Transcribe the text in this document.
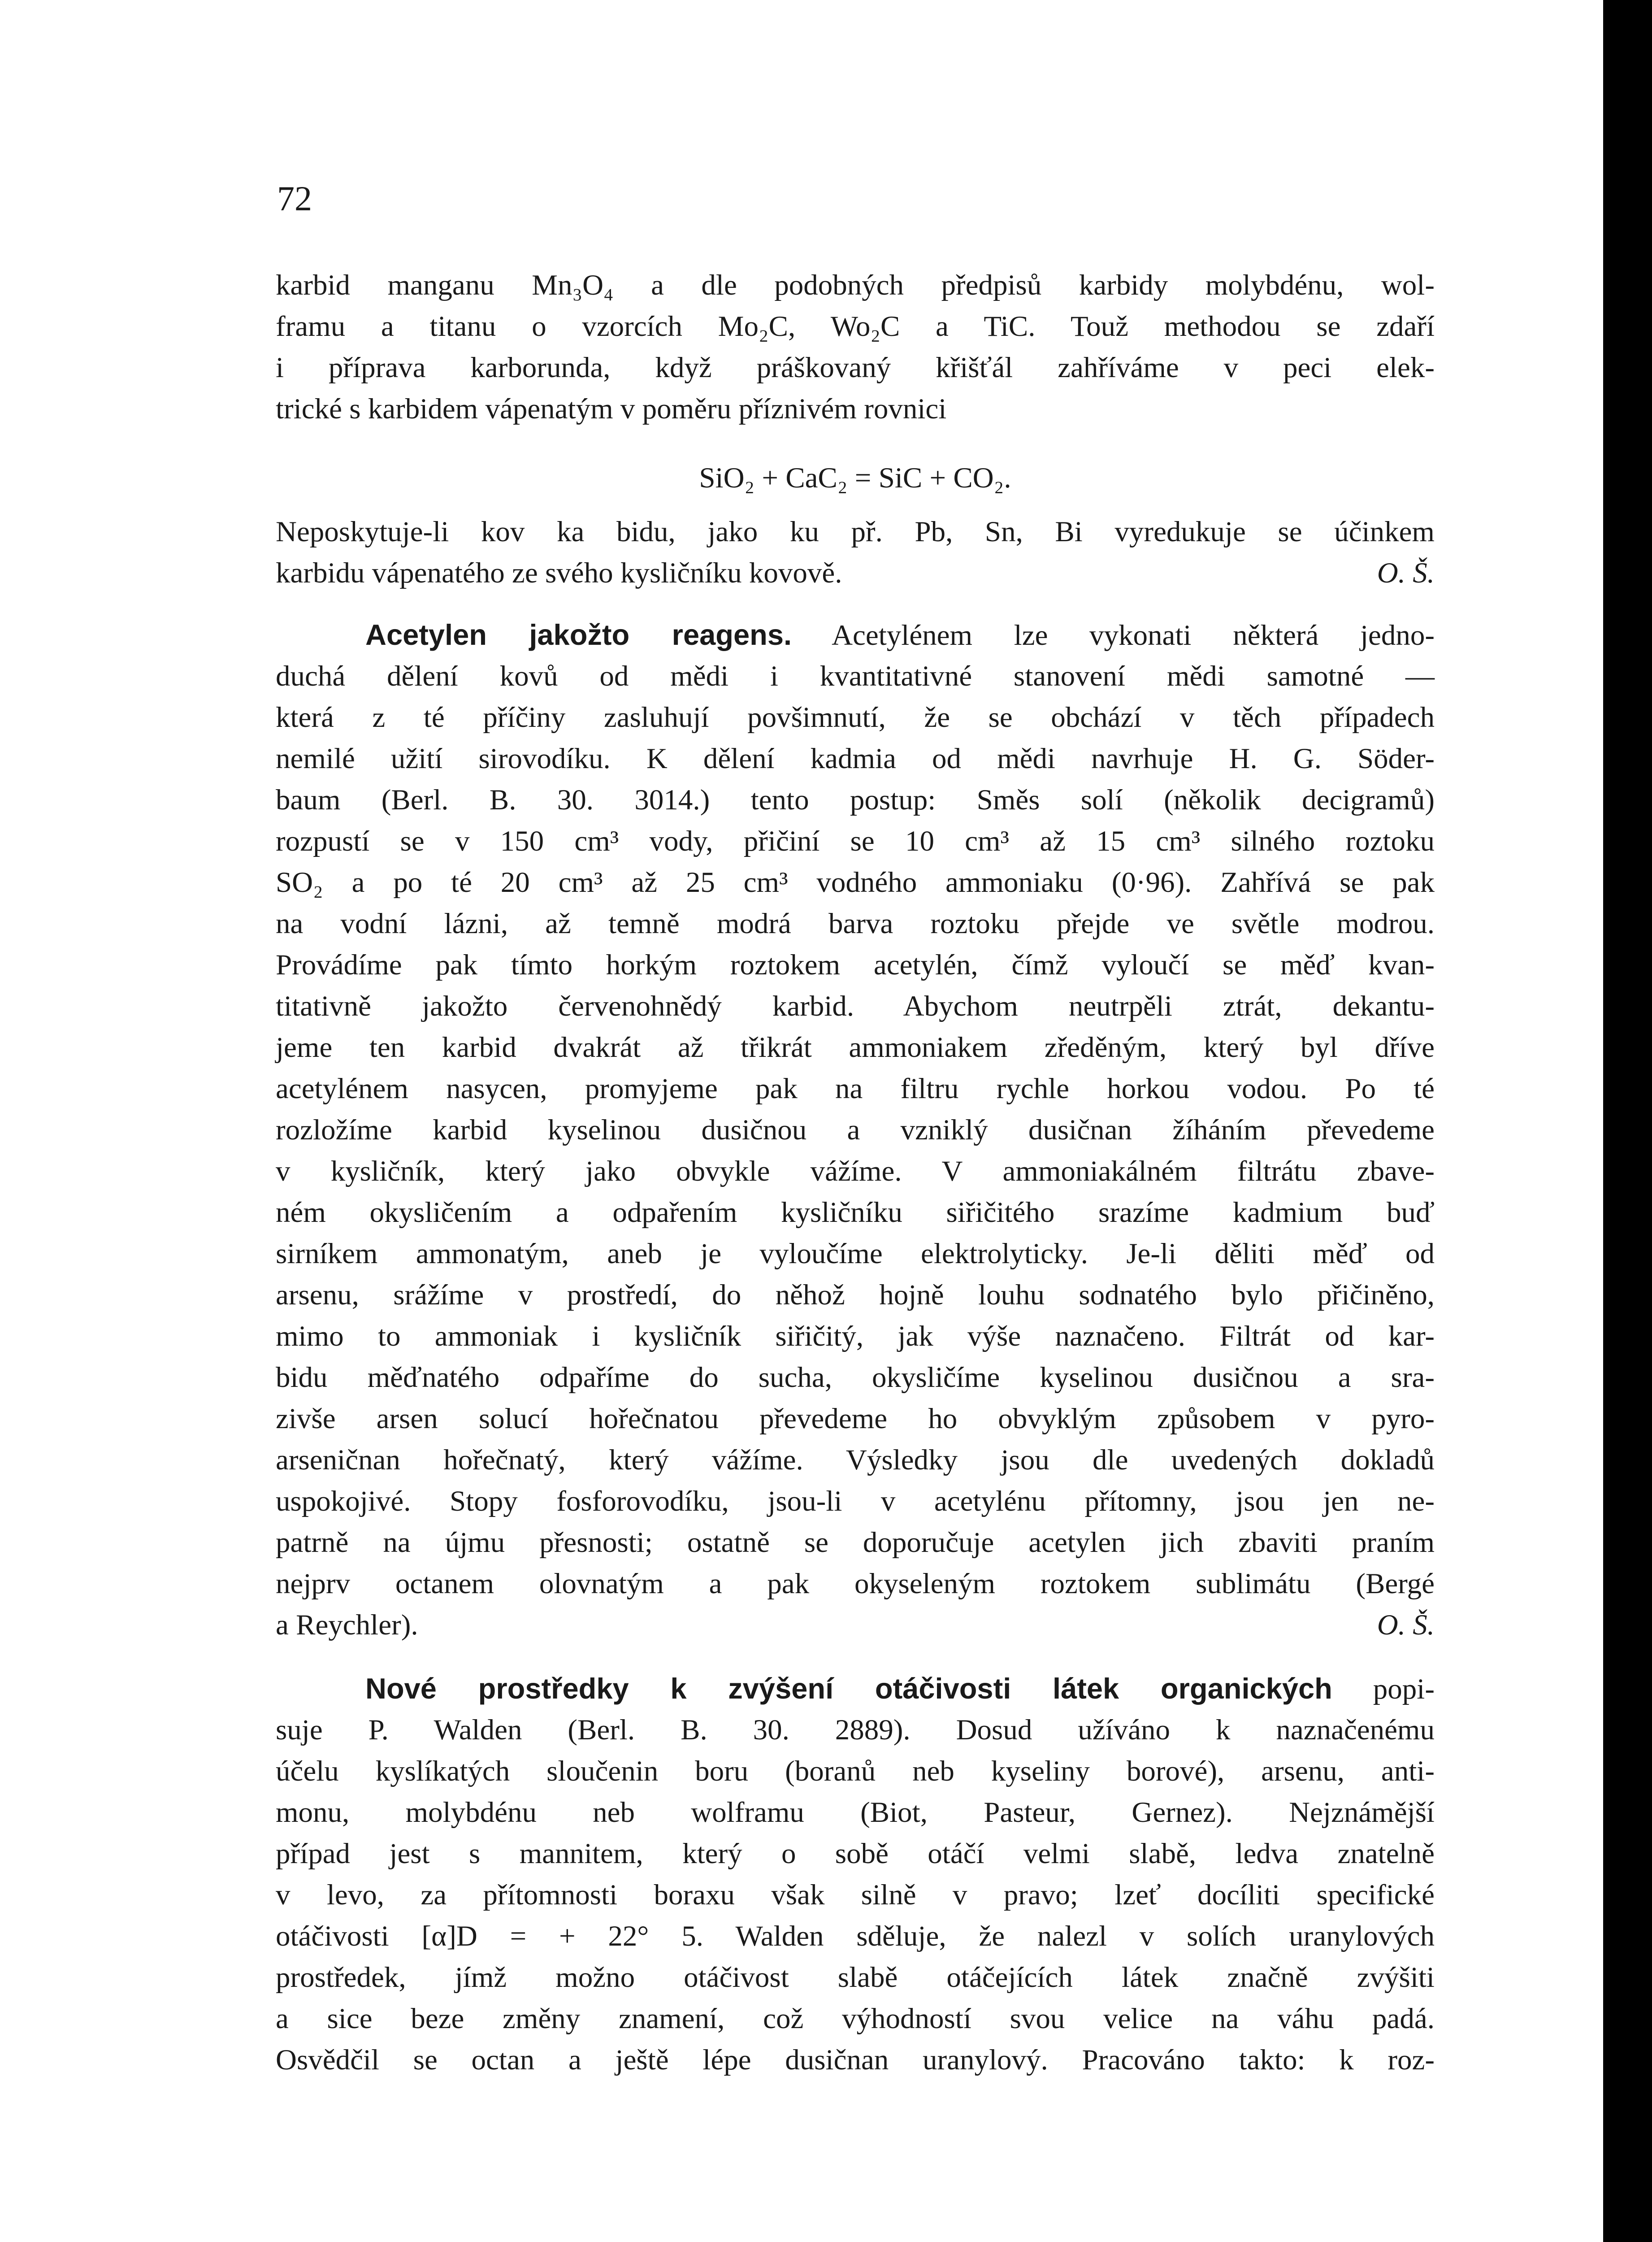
72
karbid manganu Mn₃O₄ a dle podobných předpisů karbidy molybdénu, wol-
framu a titanu o vzorcích Mo₂C, Wo₂C a TiC. Touž methodou se zdaří
i příprava karborunda, když práškovaný křišťál zahříváme v peci elek-
trické s karbidem vápenatým v poměru příznivém rovnici
SiO₂ + CaC₂ = SiC + CO₂.
Neposkytuje-li kov ka bidu, jako ku př. Pb, Sn, Bi vyredukuje se účinkem
karbidu vápenatého ze svého kysličníku kovově.	O. Š.
Acetylen jakožto reagens. Acetylénem lze vykonati některá jedno-
duchá dělení kovů od mědi i kvantitativné stanovení mědi samotné —
která z té příčiny zasluhují povšimnutí, že se obchází v těch případech
nemilé užití sirovodíku. K dělení kadmia od mědi navrhuje H. G. Söder-
baum (Berl. B. 30. 3014.) tento postup: Směs solí (několik decigramů)
rozpustí se v 150 cm³ vody, přičiní se 10 cm³ až 15 cm³ silného roztoku
SO₂ a po té 20 cm³ až 25 cm³ vodného ammoniaku (0·96). Zahřívá se pak
na vodní lázni, až temně modrá barva roztoku přejde ve světle modrou.
Provádíme pak tímto horkým roztokem acetylén, čímž vyloučí se měď kvan-
titativně jakožto červenohnědý karbid. Abychom neutrpěli ztrát, dekantu-
jeme ten karbid dvakrát až třikrát ammoniakem zředěným, který byl dříve
acetylénem nasycen, promyjeme pak na filtru rychle horkou vodou. Po té
rozložíme karbid kyselinou dusičnou a vzniklý dusičnan žíháním převedeme
v kysličník, který jako obvykle vážíme. V ammoniakálném filtrátu zbave-
ném okysličením a odpařením kysličníku siřičitého srazíme kadmium buď
sirníkem ammonatým, aneb je vyloučíme elektrolyticky. Je-li děliti měď od
arsenu, srážíme v prostředí, do něhož hojně louhu sodnatého bylo přičiněno,
mimo to ammoniak i kysličník siřičitý, jak výše naznačeno. Filtrát od kar-
bidu měďnatého odpaříme do sucha, okysličíme kyselinou dusičnou a sra-
zivše arsen solucí hořečnatou převedeme ho obvyklým způsobem v pyro-
arseničnan hořečnatý, který vážíme. Výsledky jsou dle uvedených dokladů
uspokojivé. Stopy fosforovodíku, jsou-li v acetylénu přítomny, jsou jen ne-
patrně na újmu přesnosti; ostatně se doporučuje acetylen jich zbaviti praním
nejprv octanem olovnatým a pak okyseleným roztokem sublimátu (Bergé
a Reychler).	O. Š.
Nové prostředky k zvýšení otáčivosti látek organických popi-
suje P. Walden (Berl. B. 30. 2889). Dosud užíváno k naznačenému
účelu kyslíkatých sloučenin boru (boranů neb kyseliny borové), arsenu, anti-
monu, molybdénu neb wolframu (Biot, Pasteur, Gernez). Nejznámější
případ jest s mannitem, který o sobě otáčí velmi slabě, ledva znatelně
v levo, za přítomnosti boraxu však silně v pravo; lzeť docíliti specifické
otáčivosti [α]D = + 22° 5. Walden sděluje, že nalezl v solích uranylových
prostředek, jímž možno otáčivost slabě otáčejících látek značně zvýšiti
a sice beze změny znamení, což výhodností svou velice na váhu padá.
Osvědčil se octan a ještě lépe dusičnan uranylový. Pracováno takto: k roz-
